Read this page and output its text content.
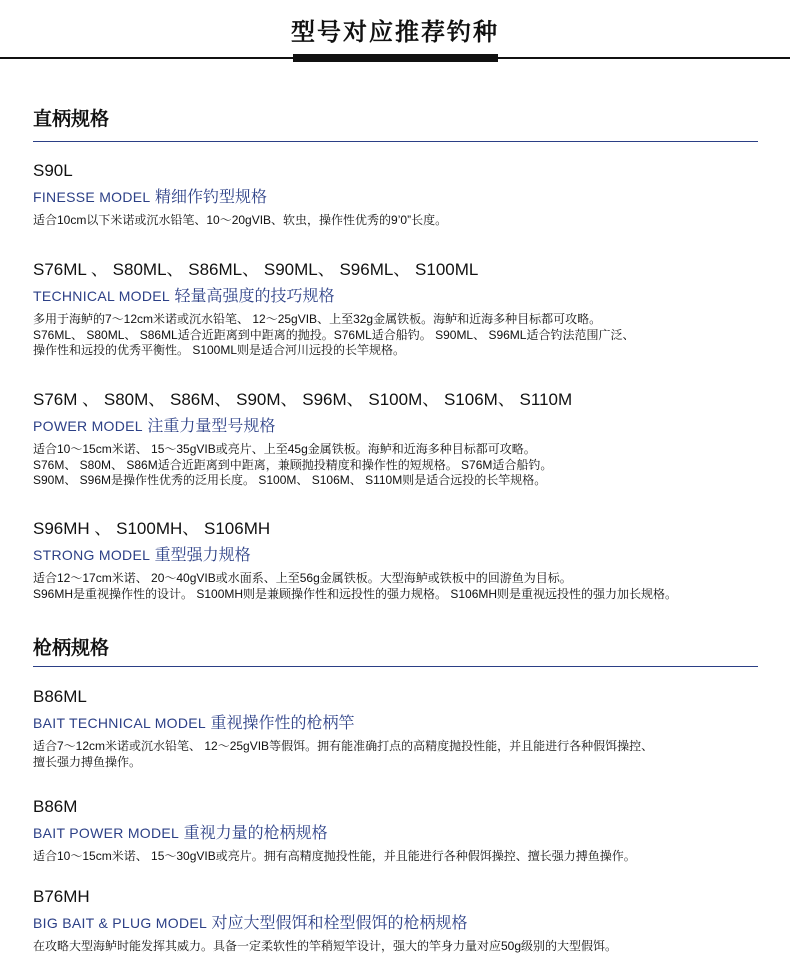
型号对应推荐钓种
直柄规格
S90L
FINESSE MODEL 精细作钓型规格
适合10cm以下米诺或沉水铅笔、10～20gVIB、软虫，操作性优秀的9’0”长度。
S76ML 、 S80ML、 S86ML、 S90ML、 S96ML、 S100ML
TECHNICAL MODEL 轻量高强度的技巧规格
多用于海鲈的7～12cm米诺或沉水铅笔、 12～25gVIB、上至32g金属铁板。海鲈和近海多种目标都可攻略。
S76ML、 S80ML、 S86ML适合近距离到中距离的抛投。S76ML适合船钓。 S90ML、 S96ML适合钓法范围广泛、
操作性和远投的优秀平衡性。 S100ML则是适合河川远投的长竿规格。
S76M 、 S80M、 S86M、 S90M、 S96M、 S100M、 S106M、 S110M
POWER MODEL 注重力量型号规格
适合10～15cm米诺、 15～35gVIB或亮片、上至45g金属铁板。海鲈和近海多种目标都可攻略。
S76M、 S80M、 S86M适合近距离到中距离，兼顾抛投精度和操作性的短规格。 S76M适合船钓。
S90M、 S96M是操作性优秀的泛用长度。 S100M、 S106M、 S110M则是适合远投的长竿规格。
S96MH 、 S100MH、 S106MH
STRONG MODEL 重型强力规格
适合12～17cm米诺、 20～40gVIB或水面系、上至56g金属铁板。大型海鲈或铁板中的回游鱼为目标。
S96MH是重视操作性的设计。 S100MH则是兼顾操作性和远投性的强力规格。 S106MH则是重视远投性的强力加长规格。
枪柄规格
B86ML
BAIT TECHNICAL MODEL 重视操作性的枪柄竿
适合7～12cm米诺或沉水铅笔、 12～25gVIB等假饵。拥有能准确打点的高精度抛投性能，并且能进行各种假饵操控、
擅长强力搏鱼操作。
B86M
BAIT POWER MODEL 重视力量的枪柄规格
适合10～15cm米诺、 15～30gVIB或亮片。拥有高精度抛投性能，并且能进行各种假饵操控、擅长强力搏鱼操作。
B76MH
BIG BAIT & PLUG MODEL 对应大型假饵和栓型假饵的枪柄规格
在攻略大型海鲈时能发挥其威力。具备一定柔软性的竿稍短竿设计，强大的竿身力量对应50g级别的大型假饵。
